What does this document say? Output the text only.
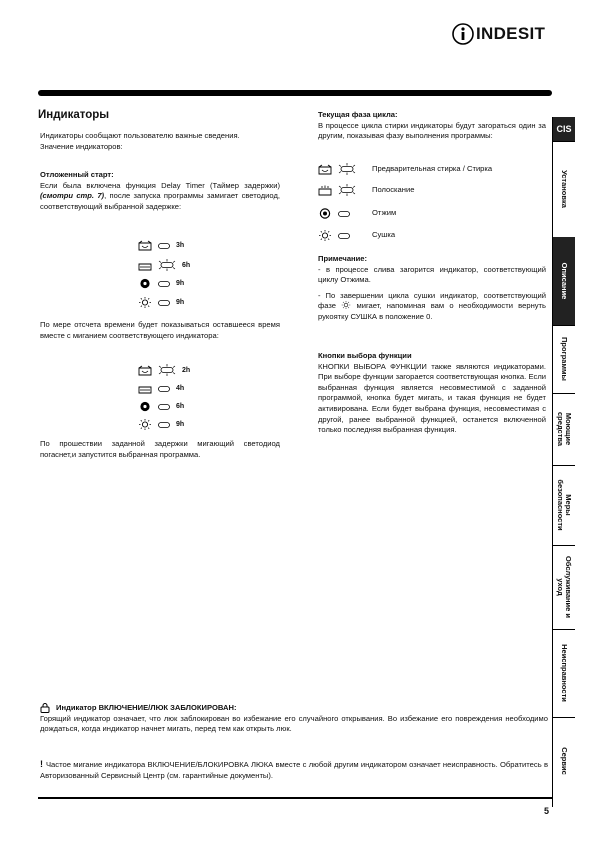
INDESIT
Индикаторы
Индикаторы сообщают пользователю важные сведения.
Значение индикаторов:
Отложенный старт:
Если была включена функция Delay Timer (Таймер задержки) (смотри стр. 7), после запуска программы замигает светодиод, соответствующий выбранной задержке:
3h
6h
9h
9h
По мере отсчета времени будет показываться оставшееся время вместе с миганием соответствующего индикатора:
2h
4h
6h
9h
По прошествии заданной задержки мигающий светодиод погаснет,и запустится выбранная программа.
Текущая фаза цикла:
В процессе цикла стирки индикаторы будут загораться один за другим, показывая фазу выполнения программы:
Предварительная стирка / Стирка
Полоскание
Отжим
Сушка
Примечание:
- в процессе слива загорится индикатор, соответствующий циклу Отжима.
- По завершении цикла сушки индикатор, соответствующий фазе  мигает, напоминая вам о необходимости вернуть рукоятку СУШКА в положение 0.
Кнопки выбора функции
КНОПКИ ВЫБОРА ФУНКЦИИ также являются индикаторами. При выборе функции загорается соответствующая кнопка. Если выбранная функция является несовместимой с заданной программой, кнопка будет мигать, и такая функция не будет активирована. Если будет выбрана функция, несовместимая с другой, ранее выбранной функцией, останется включенной только последняя выбранная функция.
Индикатор ВКЛЮЧЕНИЕ/ЛЮК ЗАБЛОКИРОВАН:
Горящий индикатор означает, что люк заблокирован во избежание его случайного открывания. Во избежание его повреждения необходимо дождаться, когда индикатор начнет мигать, перед тем как открыть люк.
! Частое мигание индикатора ВКЛЮЧЕНИЕ/БЛОКИРОВКА ЛЮКА вместе с любой другим индикатором означает неисправность. Обратитесь в Авторизованный Сервисный Центр (см. гарантийные документы).
5
CIS
Установка
Описание
Программы
Моющие средства
Меры безопасности
Обслуживание и уход
Неисправности
Сервис
